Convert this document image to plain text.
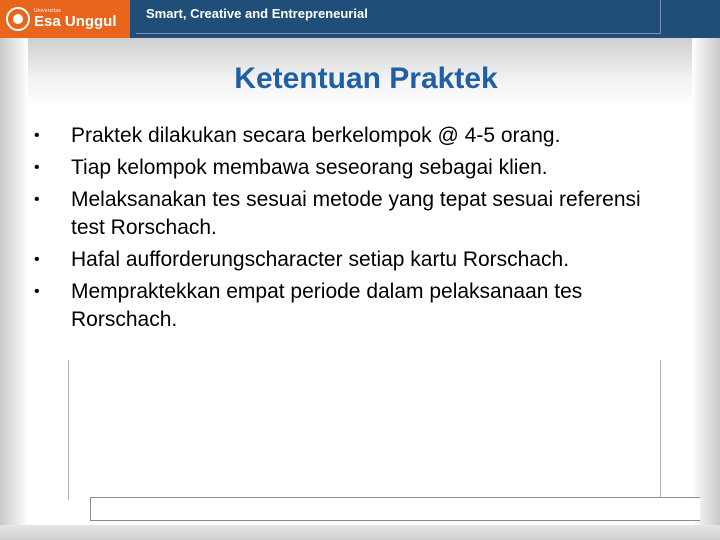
Universitas
Esa Unggul Smart, Creative and Entrepreneurial
Ketentuan Praktek
• Praktek dilakukan secara berkelompok @ 4-5 orang.
• Tiap kelompok membawa seseorang sebagai klien.
• Melaksanakan tes sesuai metode yang tepat sesuai referensi test Rorschach.
• Hafal aufforderungscharacter setiap kartu Rorschach.
• Mempraktekkan empat periode dalam pelaksanaan tes Rorschach.
